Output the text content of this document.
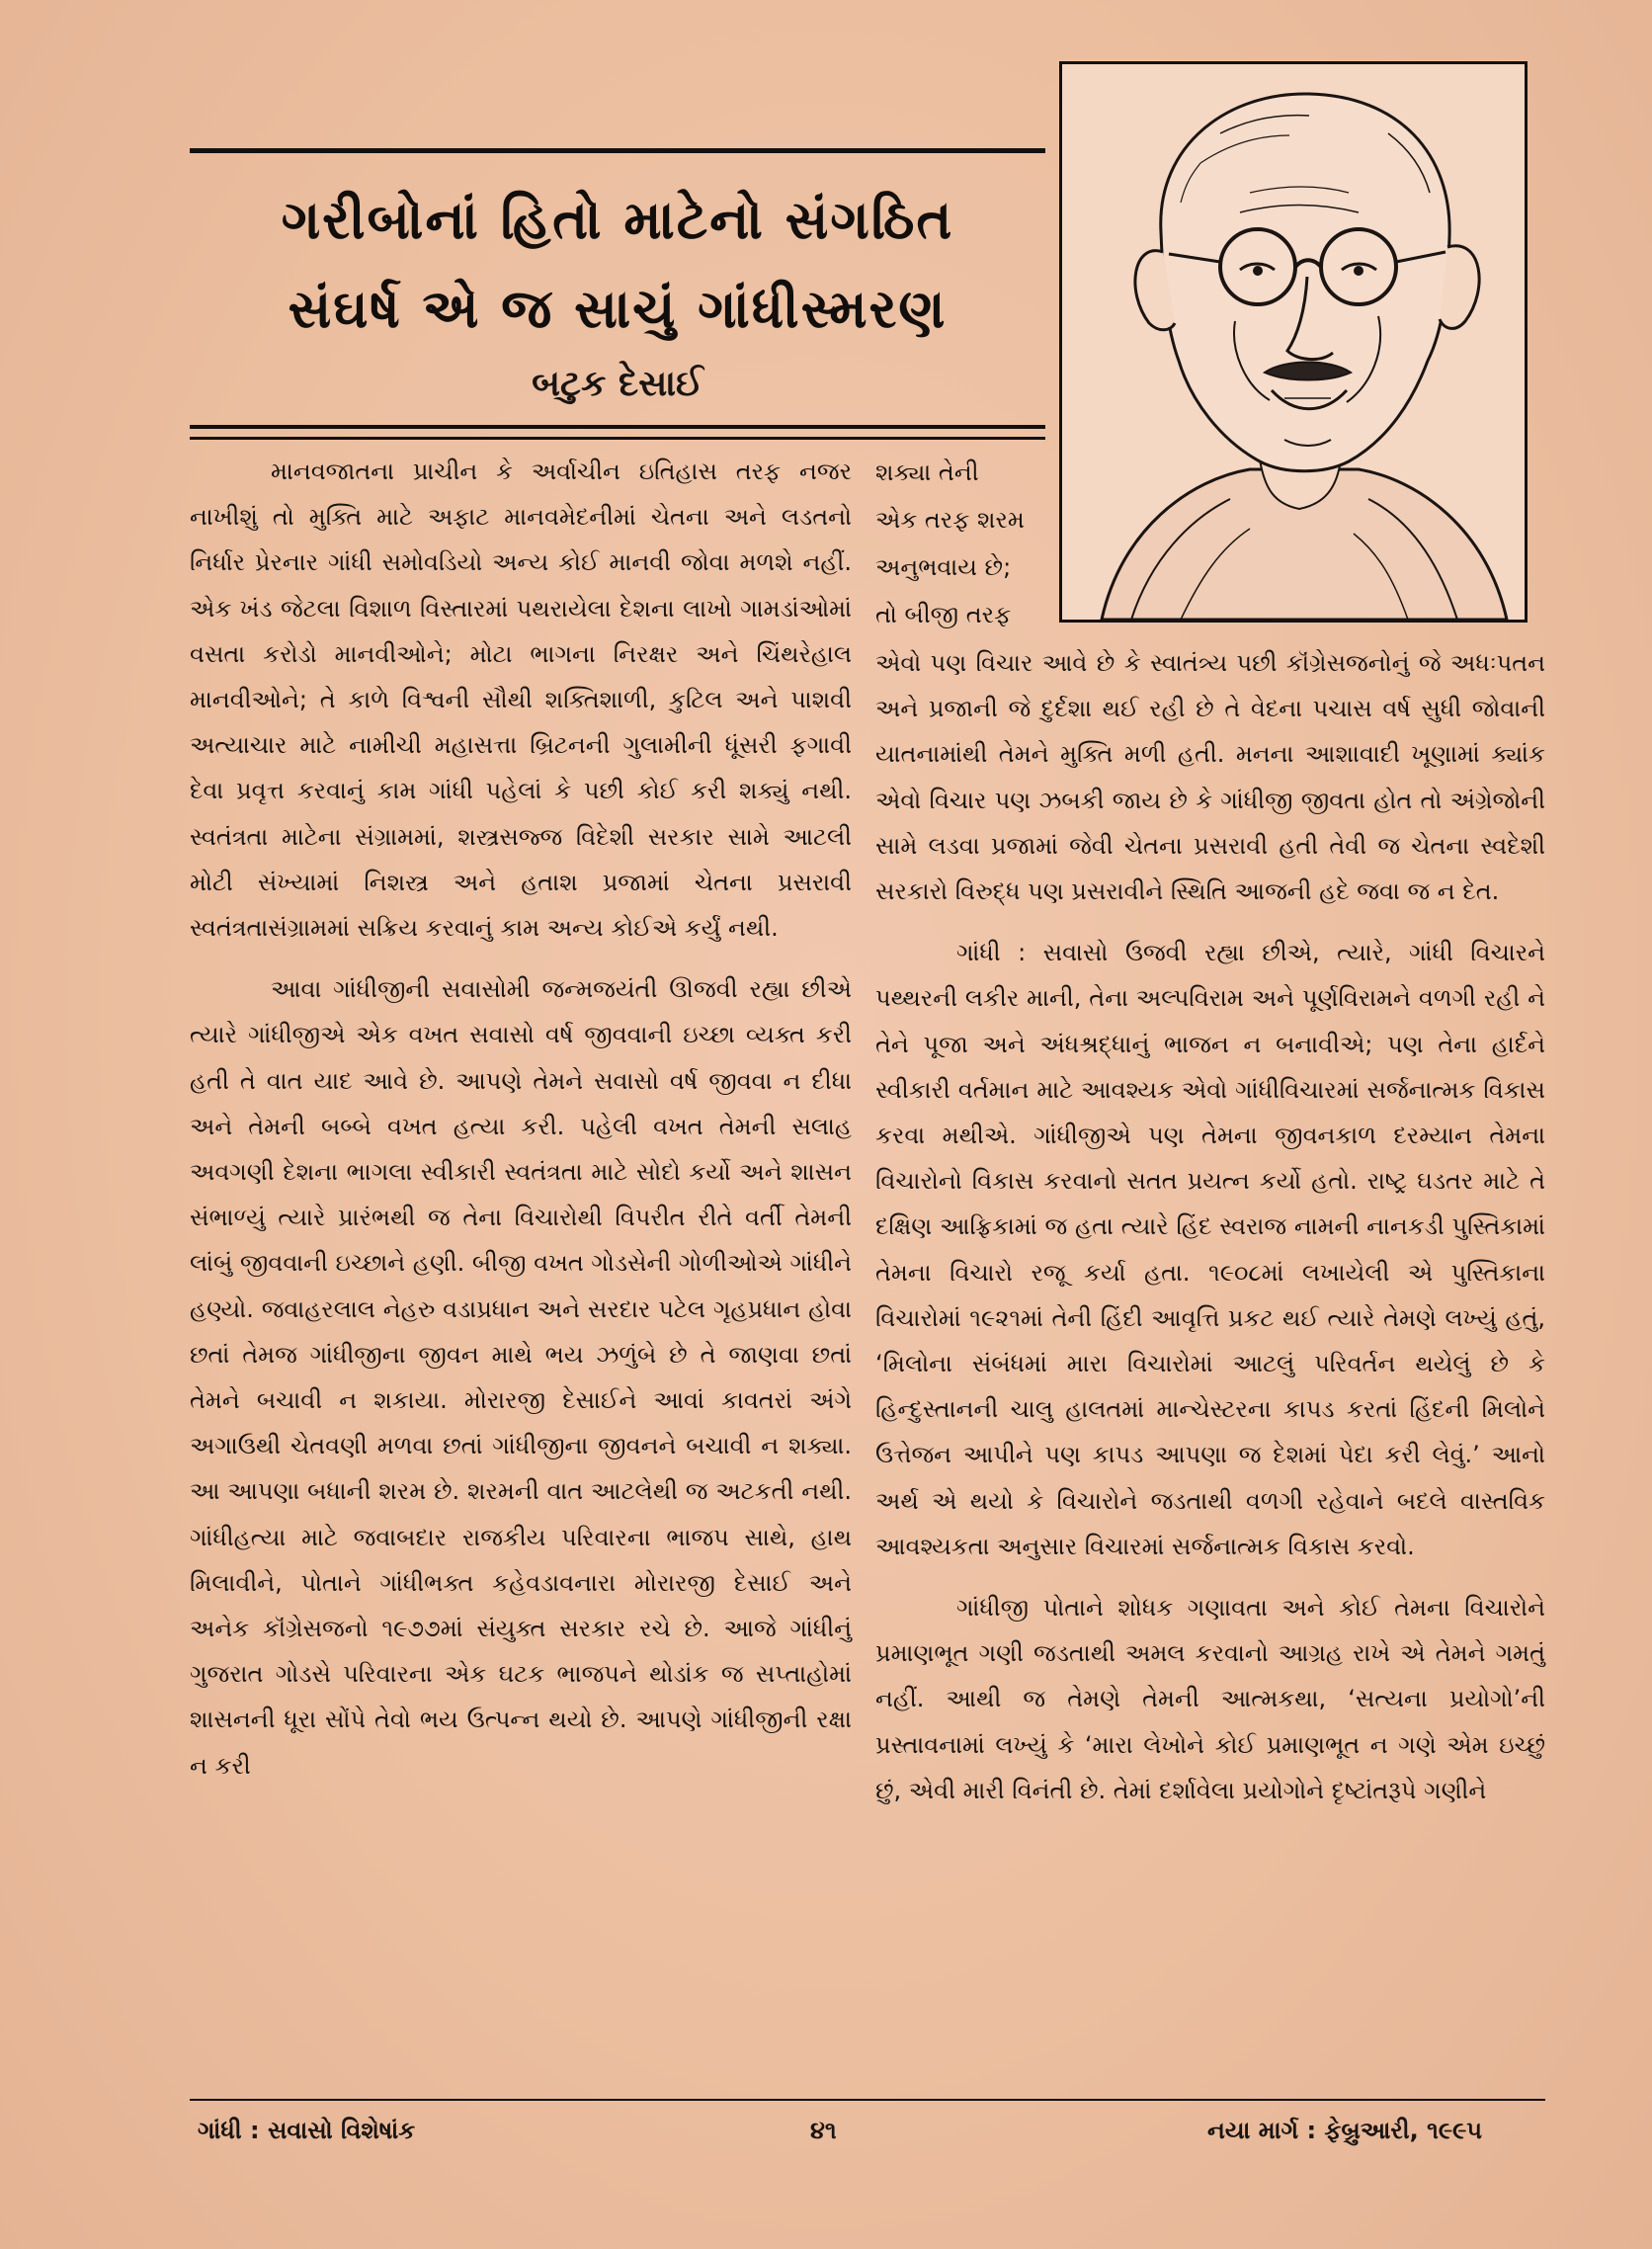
ગરીબોનાં હિતો માટેનો સંગઠિત
સંઘર્ષ એ જ સાચું ગાંધીસ્મરણ
બટુક દેસાઈ

માનવજાતના પ્રાચીન કે અર્વાચીન ઇતિહાસ તરફ નજર નાખીશું તો મુક્તિ માટે અફાટ માનવમેદનીમાં ચેતના અને લડતનો નિર્ધાર પ્રેરનાર ગાંધી સમોવડિયો અન્ય કોઈ માનવી જોવા મળશે નહીં. એક ખંડ જેટલા વિશાળ વિસ્તારમાં પથરાયેલા દેશના લાખો ગામડાંઓમાં વસતા કરોડો માનવીઓને; મોટા ભાગના નિરક્ષર અને ચિંથરેહાલ માનવીઓને; તે કાળે વિશ્વની સૌથી શક્તિશાળી, કુટિલ અને પાશવી અત્યાચાર માટે નામીચી મહાસત્તા બ્રિટનની ગુલામીની ધૂંસરી ફગાવી દેવા પ્રવૃત્ત કરવાનું કામ ગાંધી પહેલાં કે પછી કોઈ કરી શક્યું નથી. સ્વતંત્રતા માટેના સંગ્રામમાં, શસ્ત્રસજ્જ વિદેશી સરકાર સામે આટલી મોટી સંખ્યામાં નિશસ્ત્ર અને હતાશ પ્રજામાં ચેતના પ્રસરાવી સ્વતંત્રતાસંગ્રામમાં સક્રિય કરવાનું કામ અન્ય કોઈએ કર્યું નથી.

આવા ગાંધીજીની સવાસોમી જન્મજયંતી ઊજવી રહ્યા છીએ ત્યારે ગાંધીજીએ એક વખત સવાસો વર્ષ જીવવાની ઇચ્છા વ્યક્ત કરી હતી તે વાત યાદ આવે છે. આપણે તેમને સવાસો વર્ષ જીવવા ન દીધા અને તેમની બબ્બે વખત હત્યા કરી. પહેલી વખત તેમની સલાહ અવગણી દેશના ભાગલા સ્વીકારી સ્વતંત્રતા માટે સોદો કર્યો અને શાસન સંભાળ્યું ત્યારે પ્રારંભથી જ તેના વિચારોથી વિપરીત રીતે વર્તી તેમની લાંબું જીવવાની ઇચ્છાને હણી. બીજી વખત ગોડસેની ગોળીઓએ ગાંધીને હણ્યો. જવાહરલાલ નેહરુ વડાપ્રધાન અને સરદાર પટેલ ગૃહપ્રધાન હોવા છતાં તેમજ ગાંધીજીના જીવન માથે ભય ઝળુંબે છે તે જાણવા છતાં તેમને બચાવી ન શકાયા. મોરારજી દેસાઈને આવાં કાવતરાં અંગે અગાઉથી ચેતવણી મળવા છતાં ગાંધીજીના જીવનને બચાવી ન શક્યા. આ આપણા બધાની શરમ છે. શરમની વાત આટલેથી જ અટકતી નથી. ગાંધીહત્યા માટે જવાબદાર રાજકીય પરિવારના ભાજપ સાથે, હાથ મિલાવીને, પોતાને ગાંધીભક્ત કહેવડાવનારા મોરારજી દેસાઈ અને અનેક કૉંગ્રેસજનો ૧૯૭૭માં સંયુક્ત સરકાર રચે છે. આજે ગાંધીનું ગુજરાત ગોડસે પરિવારના એક ઘટક ભાજપને થોડાંક જ સપ્તાહોમાં શાસનની ધૂરા સોંપે તેવો ભય ઉત્પન્ન થયો છે. આપણે ગાંધીજીની રક્ષા ન કરી

શક્યા તેની
એક તરફ શરમ
અનુભવાય છે;
તો બીજી તરફ

એવો પણ વિચાર આવે છે કે સ્વાતંત્ર્ય પછી કૉંગ્રેસજનોનું જે અધઃપતન અને પ્રજાની જે દુર્દશા થઈ રહી છે તે વેદના પચાસ વર્ષ સુધી જોવાની યાતનામાંથી તેમને મુક્તિ મળી હતી. મનના આશાવાદી ખૂણામાં ક્યાંક એવો વિચાર પણ ઝબકી જાય છે કે ગાંધીજી જીવતા હોત તો અંગ્રેજોની સામે લડવા પ્રજામાં જેવી ચેતના પ્રસરાવી હતી તેવી જ ચેતના સ્વદેશી સરકારો વિરુદ્ધ પણ પ્રસરાવીને સ્થિતિ આજની હદે જવા જ ન દેત.

ગાંધી : સવાસો ઉજવી રહ્યા છીએ, ત્યારે, ગાંધી વિચારને પથ્થરની લકીર માની, તેના અલ્પવિરામ અને પૂર્ણવિરામને વળગી રહી ને તેને પૂજા અને અંધશ્રદ્ધાનું ભાજન ન બનાવીએ; પણ તેના હાર્દને સ્વીકારી વર્તમાન માટે આવશ્યક એવો ગાંધીવિચારમાં સર્જનાત્મક વિકાસ કરવા મથીએ. ગાંધીજીએ પણ તેમના જીવનકાળ દરમ્યાન તેમના વિચારોનો વિકાસ કરવાનો સતત પ્રયત્ન કર્યો હતો. રાષ્ટ્ર ઘડતર માટે તે દક્ષિણ આફ્રિકામાં જ હતા ત્યારે હિંદ સ્વરાજ નામની નાનકડી પુસ્તિકામાં તેમના વિચારો રજૂ કર્યા હતા. ૧૯૦૮માં લખાયેલી એ પુસ્તિકાના વિચારોમાં ૧૯૨૧માં તેની હિંદી આવૃત્તિ પ્રકટ થઈ ત્યારે તેમણે લખ્યું હતું, ‘મિલોના સંબંધમાં મારા વિચારોમાં આટલું પરિવર્તન થયેલું છે કે હિન્દુસ્તાનની ચાલુ હાલતમાં માન્ચેસ્ટરના કાપડ કરતાં હિંદની મિલોને ઉત્તેજન આપીને પણ કાપડ આપણા જ દેશમાં પેદા કરી લેવું.’ આનો અર્થ એ થયો કે વિચારોને જડતાથી વળગી રહેવાને બદલે વાસ્તવિક આવશ્યકતા અનુસાર વિચારમાં સર્જનાત્મક વિકાસ કરવો.

ગાંધીજી પોતાને શોધક ગણાવતા અને કોઈ તેમના વિચારોને પ્રમાણભૂત ગણી જડતાથી અમલ કરવાનો આગ્રહ રાખે એ તેમને ગમતું નહીં. આથી જ તેમણે તેમની આત્મકથા, ‘સત્યના પ્રયોગો’ની પ્રસ્તાવનામાં લખ્યું કે ‘મારા લેખોને કોઈ પ્રમાણભૂત ન ગણે એમ ઇચ્છું છું, એવી મારી વિનંતી છે. તેમાં દર્શાવેલા પ્રયોગોને દૃષ્ટાંતરૂપે ગણીને

ગાંધી : સવાસો વિશેષાંક	૪૧	નયા માર્ગ : ફેબ્રુઆરી, ૧૯૯૫
